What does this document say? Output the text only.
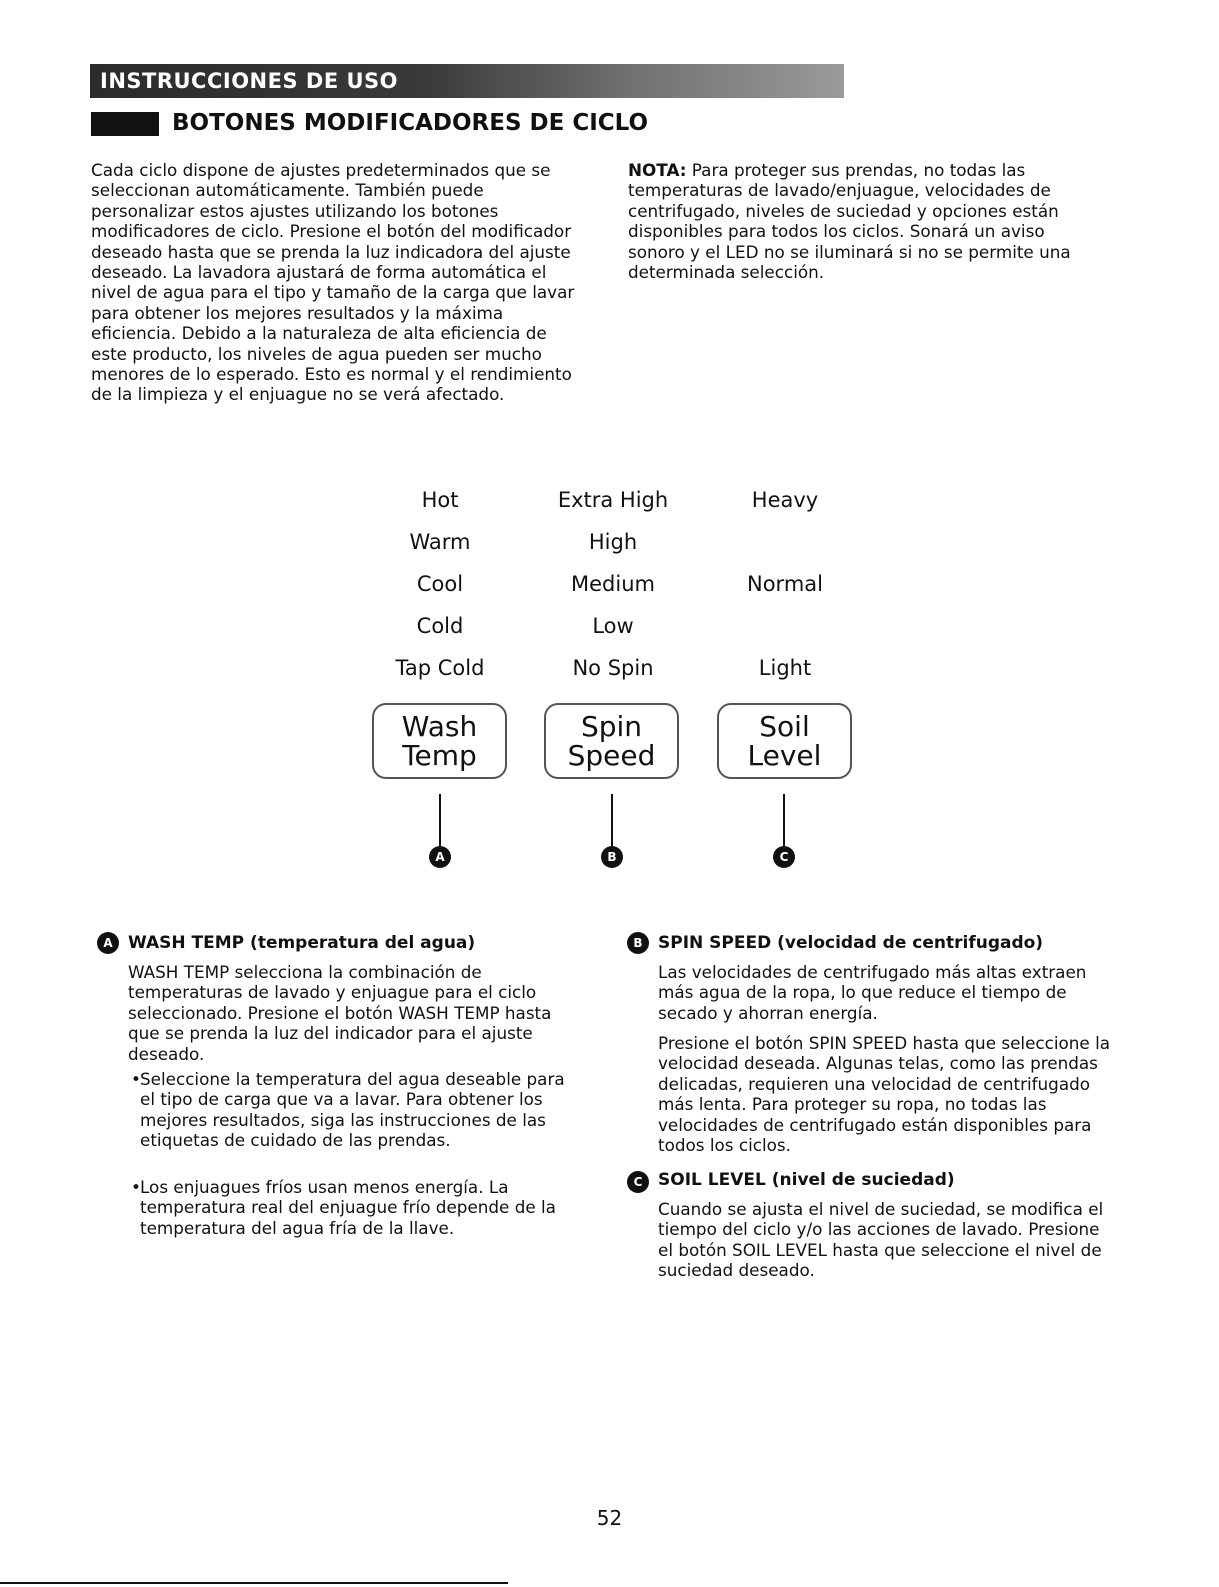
INSTRUCCIONES DE USO
BOTONES MODIFICADORES DE CICLO

Cada ciclo dispone de ajustes predeterminados que se seleccionan automáticamente. También puede personalizar estos ajustes utilizando los botones modificadores de ciclo. Presione el botón del modificador deseado hasta que se prenda la luz indicadora del ajuste deseado. La lavadora ajustará de forma automática el nivel de agua para el tipo y tamaño de la carga que lavar para obtener los mejores resultados y la máxima eficiencia. Debido a la naturaleza de alta eficiencia de este producto, los niveles de agua pueden ser mucho menores de lo esperado. Esto es normal y el rendimiento de la limpieza y el enjuague no se verá afectado.

NOTA: Para proteger sus prendas, no todas las temperaturas de lavado/enjuague, velocidades de centrifugado, niveles de suciedad y opciones están disponibles para todos los ciclos. Sonará un aviso sonoro y el LED no se iluminará si no se permite una determinada selección.

Hot
Warm
Cool
Cold
Tap Cold
Extra High
High
Medium
Low
No Spin
Heavy
Normal
Light
Wash
Temp
Spin
Speed
Soil
Level
A	B	C
A WASH TEMP (temperatura del agua)

WASH TEMP selecciona la combinación de temperaturas de lavado y enjuague para el ciclo seleccionado. Presione el botón WASH TEMP hasta que se prenda la luz del indicador para el ajuste deseado.

• Seleccione la temperatura del agua deseable para el tipo de carga que va a lavar. Para obtener los mejores resultados, siga las instrucciones de las etiquetas de cuidado de las prendas.

• Los enjuagues fríos usan menos energía. La temperatura real del enjuague frío depende de la temperatura del agua fría de la llave.

B SPIN SPEED (velocidad de centrifugado)

Las velocidades de centrifugado más altas extraen más agua de la ropa, lo que reduce el tiempo de secado y ahorran energía.

Presione el botón SPIN SPEED hasta que seleccione la velocidad deseada. Algunas telas, como las prendas delicadas, requieren una velocidad de centrifugado más lenta. Para proteger su ropa, no todas las velocidades de centrifugado están disponibles para todos los ciclos.

C SOIL LEVEL (nivel de suciedad)

Cuando se ajusta el nivel de suciedad, se modifica el tiempo del ciclo y/o las acciones de lavado. Presione el botón SOIL LEVEL hasta que seleccione el nivel de suciedad deseado.

52
